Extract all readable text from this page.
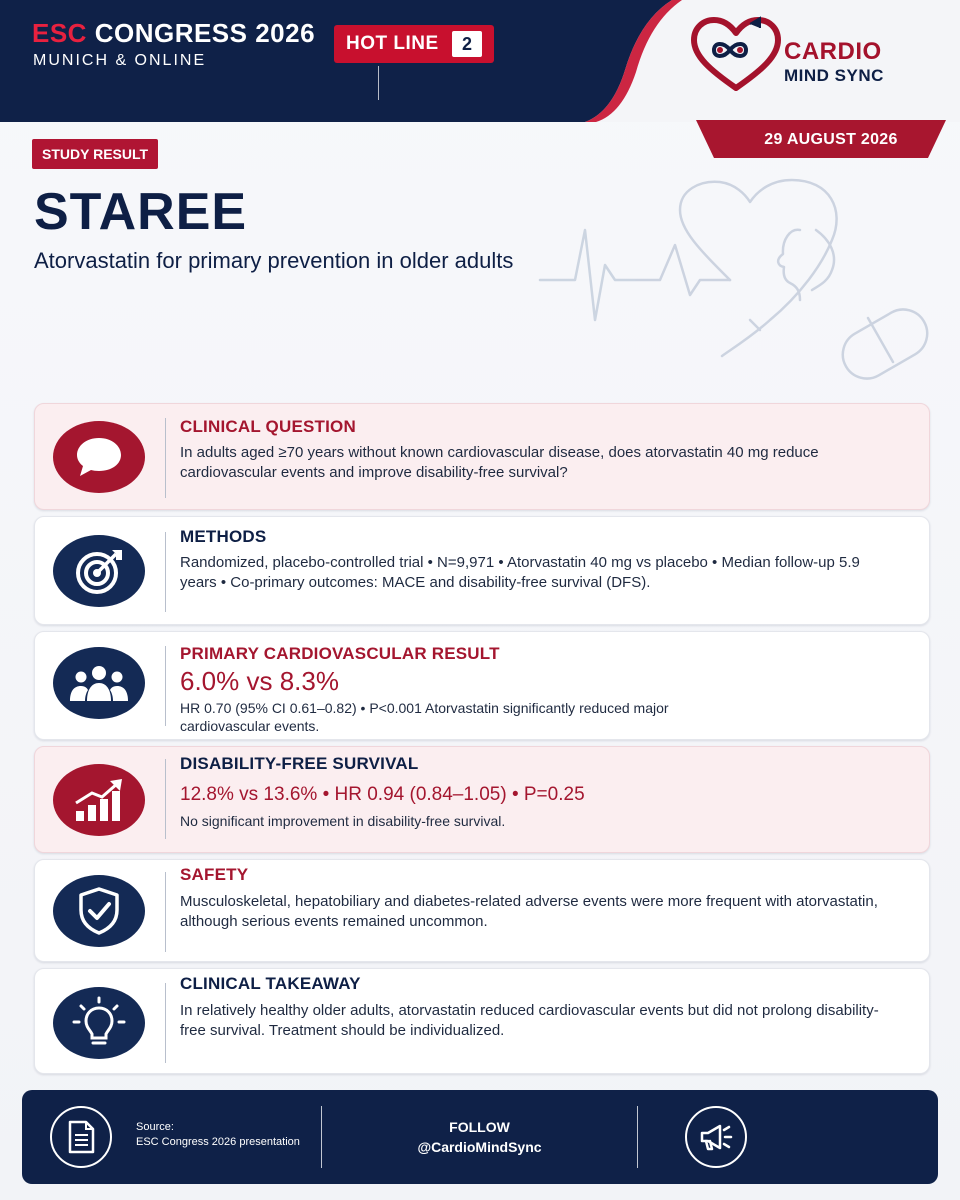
ESC CONGRESS 2026
MUNICH & ONLINE
HOT LINE	2	CARDIO
MIND SYNC
29 AUGUST 2026
STUDY RESULT
STAREE
Atorvastatin for primary prevention in older adults
CLINICAL QUESTION
In adults aged ≥70 years without known cardiovascular disease, does atorvastatin 40 mg reduce cardiovascular events and improve disability-free survival?
METHODS
Randomized, placebo-controlled trial • N=9,971 • Atorvastatin 40 mg vs placebo • Median follow-up 5.9 years • Co-primary outcomes: MACE and disability-free survival (DFS).
PRIMARY CARDIOVASCULAR RESULT
6.0% vs 8.3%
HR 0.70 (95% CI 0.61–0.82) • P<0.001 Atorvastatin significantly reduced major cardiovascular events.
DISABILITY-FREE SURVIVAL
12.8% vs 13.6% • HR 0.94 (0.84–1.05) • P=0.25
No significant improvement in disability-free survival.
SAFETY
Musculoskeletal, hepatobiliary and diabetes-related adverse events were more frequent with atorvastatin, although serious events remained uncommon.
CLINICAL TAKEAWAY
In relatively healthy older adults, atorvastatin reduced cardiovascular events but did not prolong disability-free survival. Treatment should be individualized.
Source:
ESC Congress 2026 presentation
FOLLOW
@CardioMindSync
